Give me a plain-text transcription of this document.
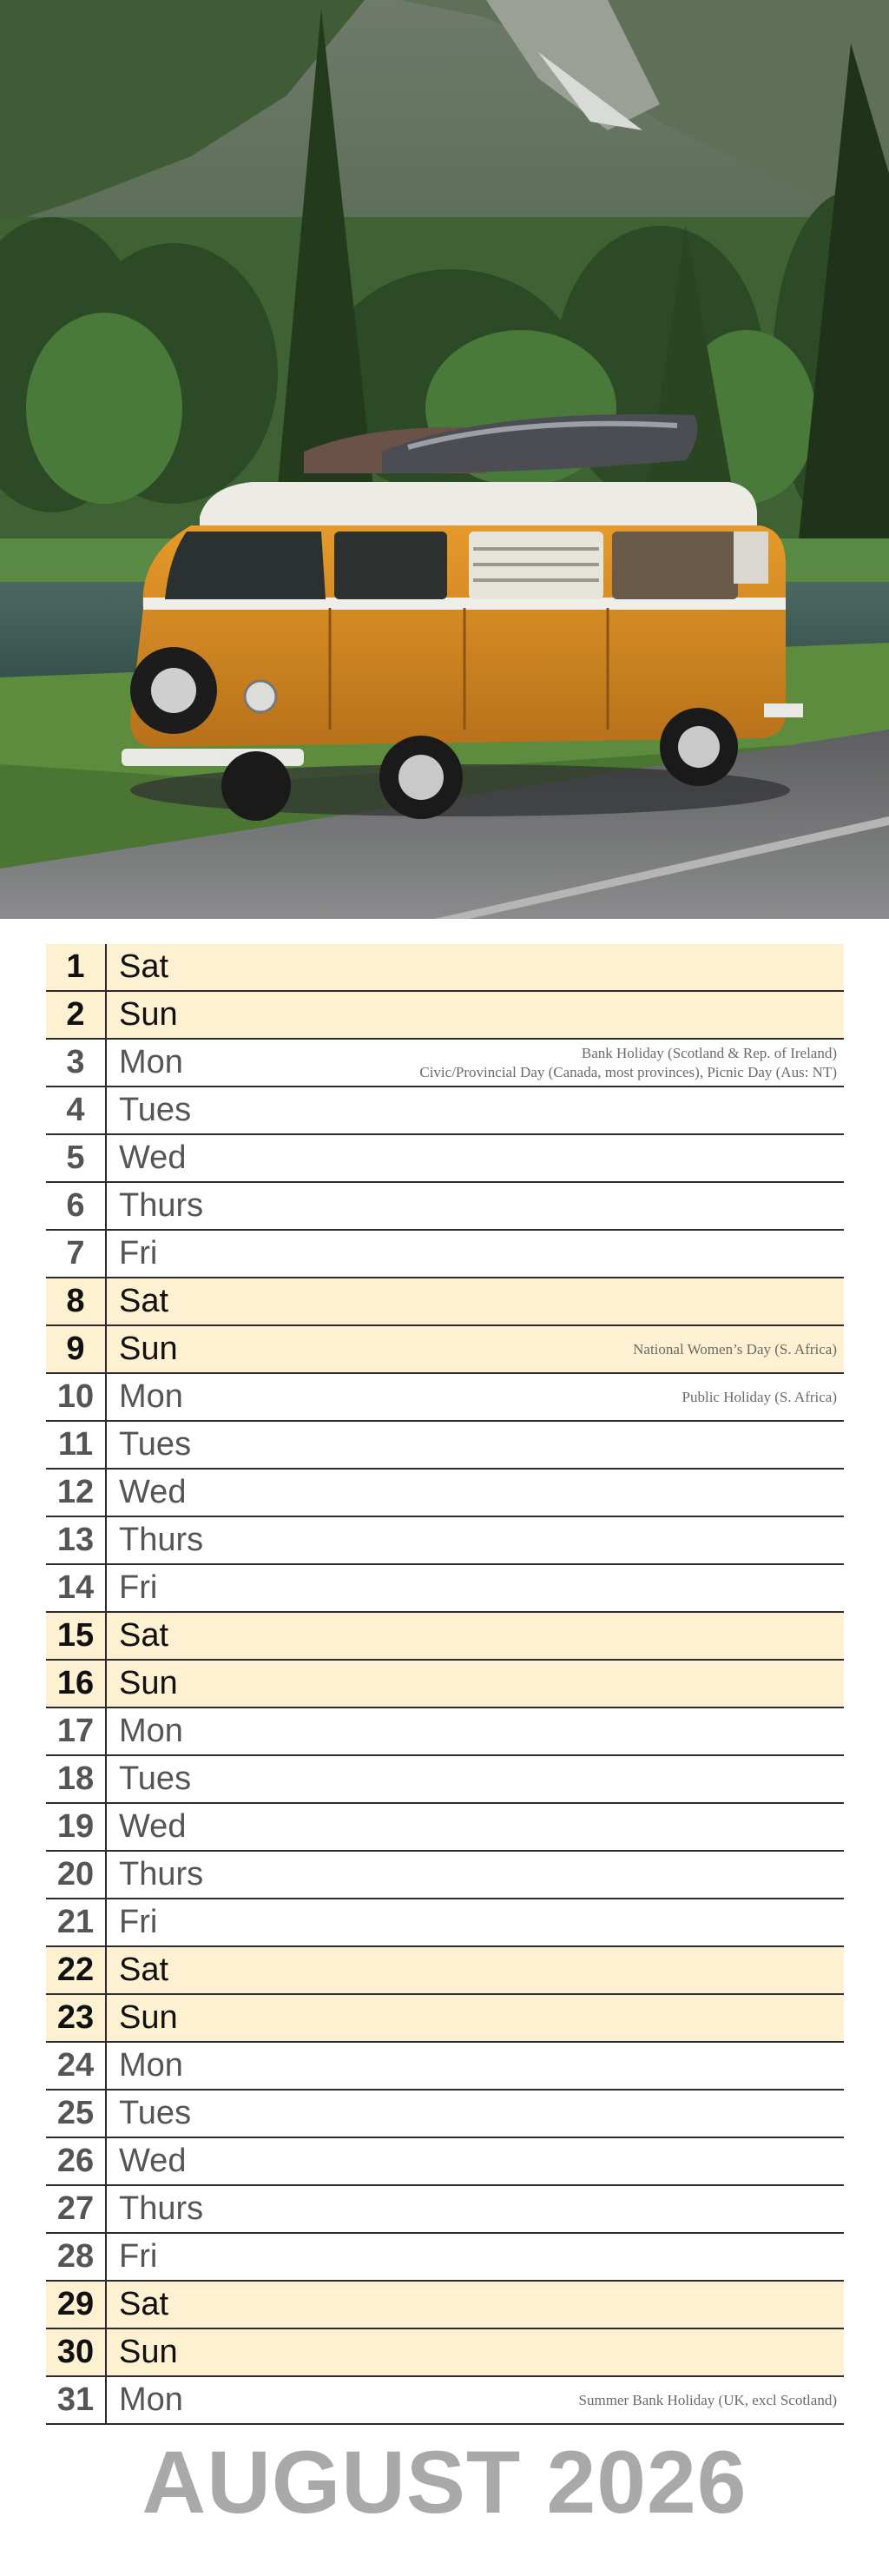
1	Sat
2	Sun
3	Mon	Bank Holiday (Scotland & Rep. of Ireland)
Civic/Provincial Day (Canada, most provinces), Picnic Day (Aus: NT)
4	Tues
5	Wed
6	Thurs
7	Fri
8	Sat
9	Sun	National Women’s Day (S. Africa)
10 Mon	Public Holiday (S. Africa)
11 Tues
12 Wed
13 Thurs
14 Fri
15 Sat
16 Sun
17 Mon
18 Tues
19 Wed
20 Thurs
21 Fri
22 Sat
23 Sun
24 Mon
25 Tues
26 Wed
27 Thurs
28 Fri
29 Sat
30 Sun
31 Mon	Summer Bank Holiday (UK, excl Scotland)
AUGUST 2026
